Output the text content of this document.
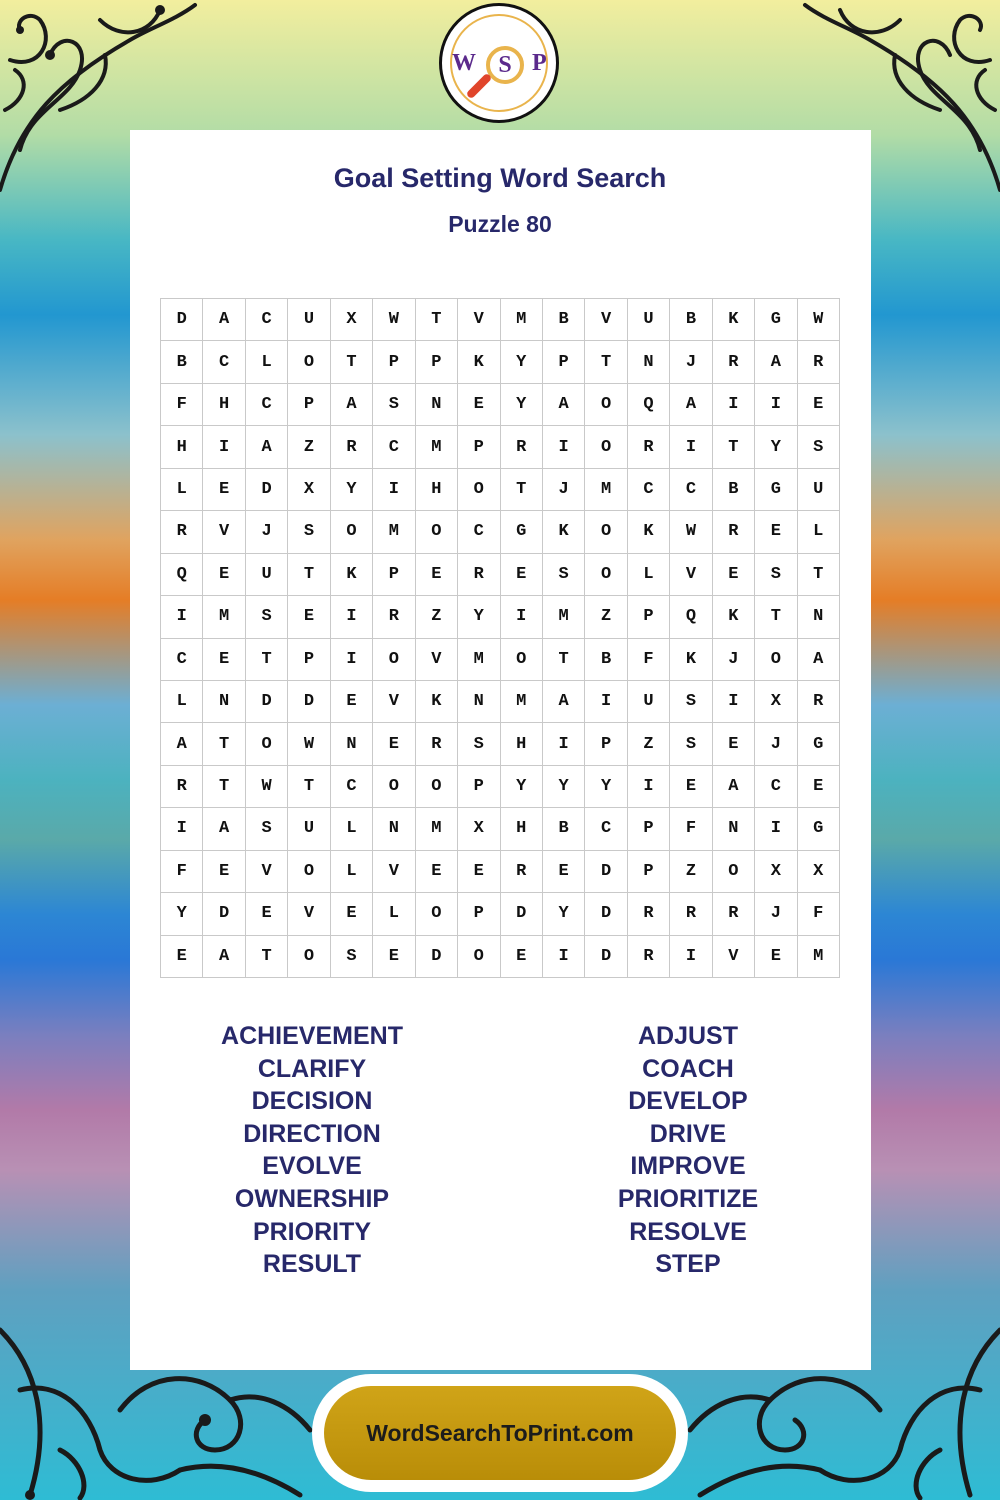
W S P
Goal Setting Word Search
Puzzle 80
D	A	C	U	X	W	T	V	M	B	V	U	B	K	G	W
B	C	L	O	T	P	P	K	Y	P	T	N	J	R	A	R
F	H	C	P	A	S	N	E	Y	A	O	Q	A	I	I	E
H	I	A	Z	R	C	M	P	R	I	O	R	I	T	Y	S
L	E	D	X	Y	I	H	O	T	J	M	C	C	B	G	U
R	V	J	S	O	M	O	C	G	K	O	K	W	R	E	L
Q	E	U	T	K	P	E	R	E	S	O	L	V	E	S	T
I	M	S	E	I	R	Z	Y	I	M	Z	P	Q	K	T	N
C	E	T	P	I	O	V	M	O	T	B	F	K	J	O	A
L	N	D	D	E	V	K	N	M	A	I	U	S	I	X	R
A	T	O	W	N	E	R	S	H	I	P	Z	S	E	J	G
R	T	W	T	C	O	O	P	Y	Y	Y	I	E	A	C	E
I	A	S	U	L	N	M	X	H	B	C	P	F	N	I	G
F	E	V	O	L	V	E	E	R	E	D	P	Z	O	X	X
Y	D	E	V	E	L	O	P	D	Y	D	R	R	R	J	F
E	A	T	O	S	E	D	O	E	I	D	R	I	V	E	M
ACHIEVEMENT
CLARIFY
DECISION
DIRECTION
EVOLVE
OWNERSHIP
PRIORITY
RESULT
ADJUST
COACH
DEVELOP
DRIVE
IMPROVE
PRIORITIZE
RESOLVE
STEP
WordSearchToPrint.com
